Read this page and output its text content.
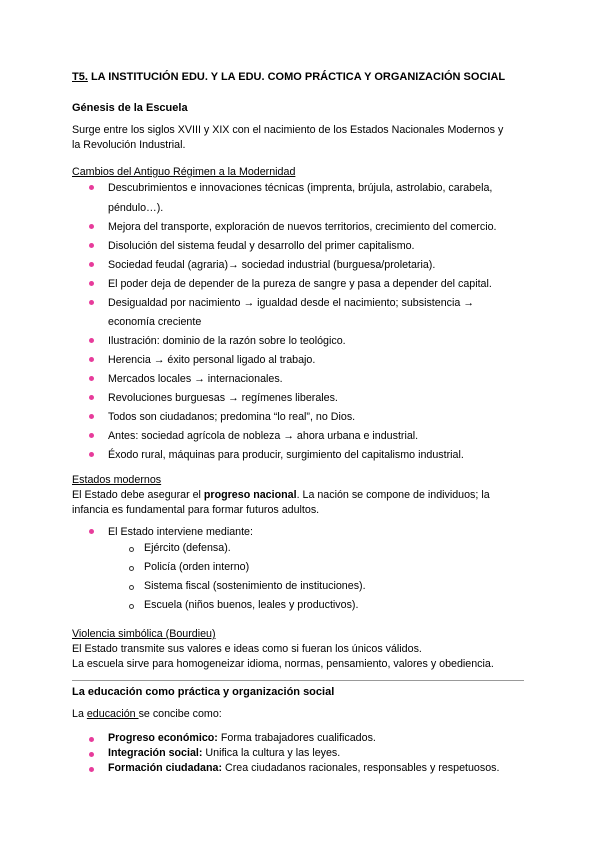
T5. LA INSTITUCIÓN EDU. Y LA EDU. COMO PRÁCTICA Y ORGANIZACIÓN SOCIAL
Génesis de la Escuela
Surge entre los siglos XVIII y XIX con el nacimiento de los Estados Nacionales Modernos y
la Revolución Industrial.
Cambios del Antiguo Régimen a la Modernidad
Descubrimientos e innovaciones técnicas (imprenta, brújula, astrolabio, carabela,
péndulo…).
Mejora del transporte, exploración de nuevos territorios, crecimiento del comercio.
Disolución del sistema feudal y desarrollo del primer capitalismo.
Sociedad feudal (agraria)→ sociedad industrial (burguesa/proletaria).
El poder deja de depender de la pureza de sangre y pasa a depender del capital.
Desigualdad por nacimiento → igualdad desde el nacimiento; subsistencia →
economía creciente
Ilustración: dominio de la razón sobre lo teológico.
Herencia → éxito personal ligado al trabajo.
Mercados locales → internacionales.
Revoluciones burguesas → regímenes liberales.
Todos son ciudadanos; predomina “lo real”, no Dios.
Antes: sociedad agrícola de nobleza → ahora urbana e industrial.
Éxodo rural, máquinas para producir, surgimiento del capitalismo industrial.
Estados modernos
El Estado debe asegurar el progreso nacional. La nación se compone de individuos; la
infancia es fundamental para formar futuros adultos.
El Estado interviene mediante:
Ejército (defensa).
Policía (orden interno)
Sistema fiscal (sostenimiento de instituciones).
Escuela (niños buenos, leales y productivos).
Violencia simbólica (Bourdieu)
El Estado transmite sus valores e ideas como si fueran los únicos válidos.
La escuela sirve para homogeneizar idioma, normas, pensamiento, valores y obediencia.
La educación como práctica y organización social
La educación se concibe como:
Progreso económico: Forma trabajadores cualificados.
Integración social: Unifica la cultura y las leyes.
Formación ciudadana: Crea ciudadanos racionales, responsables y respetuosos.
